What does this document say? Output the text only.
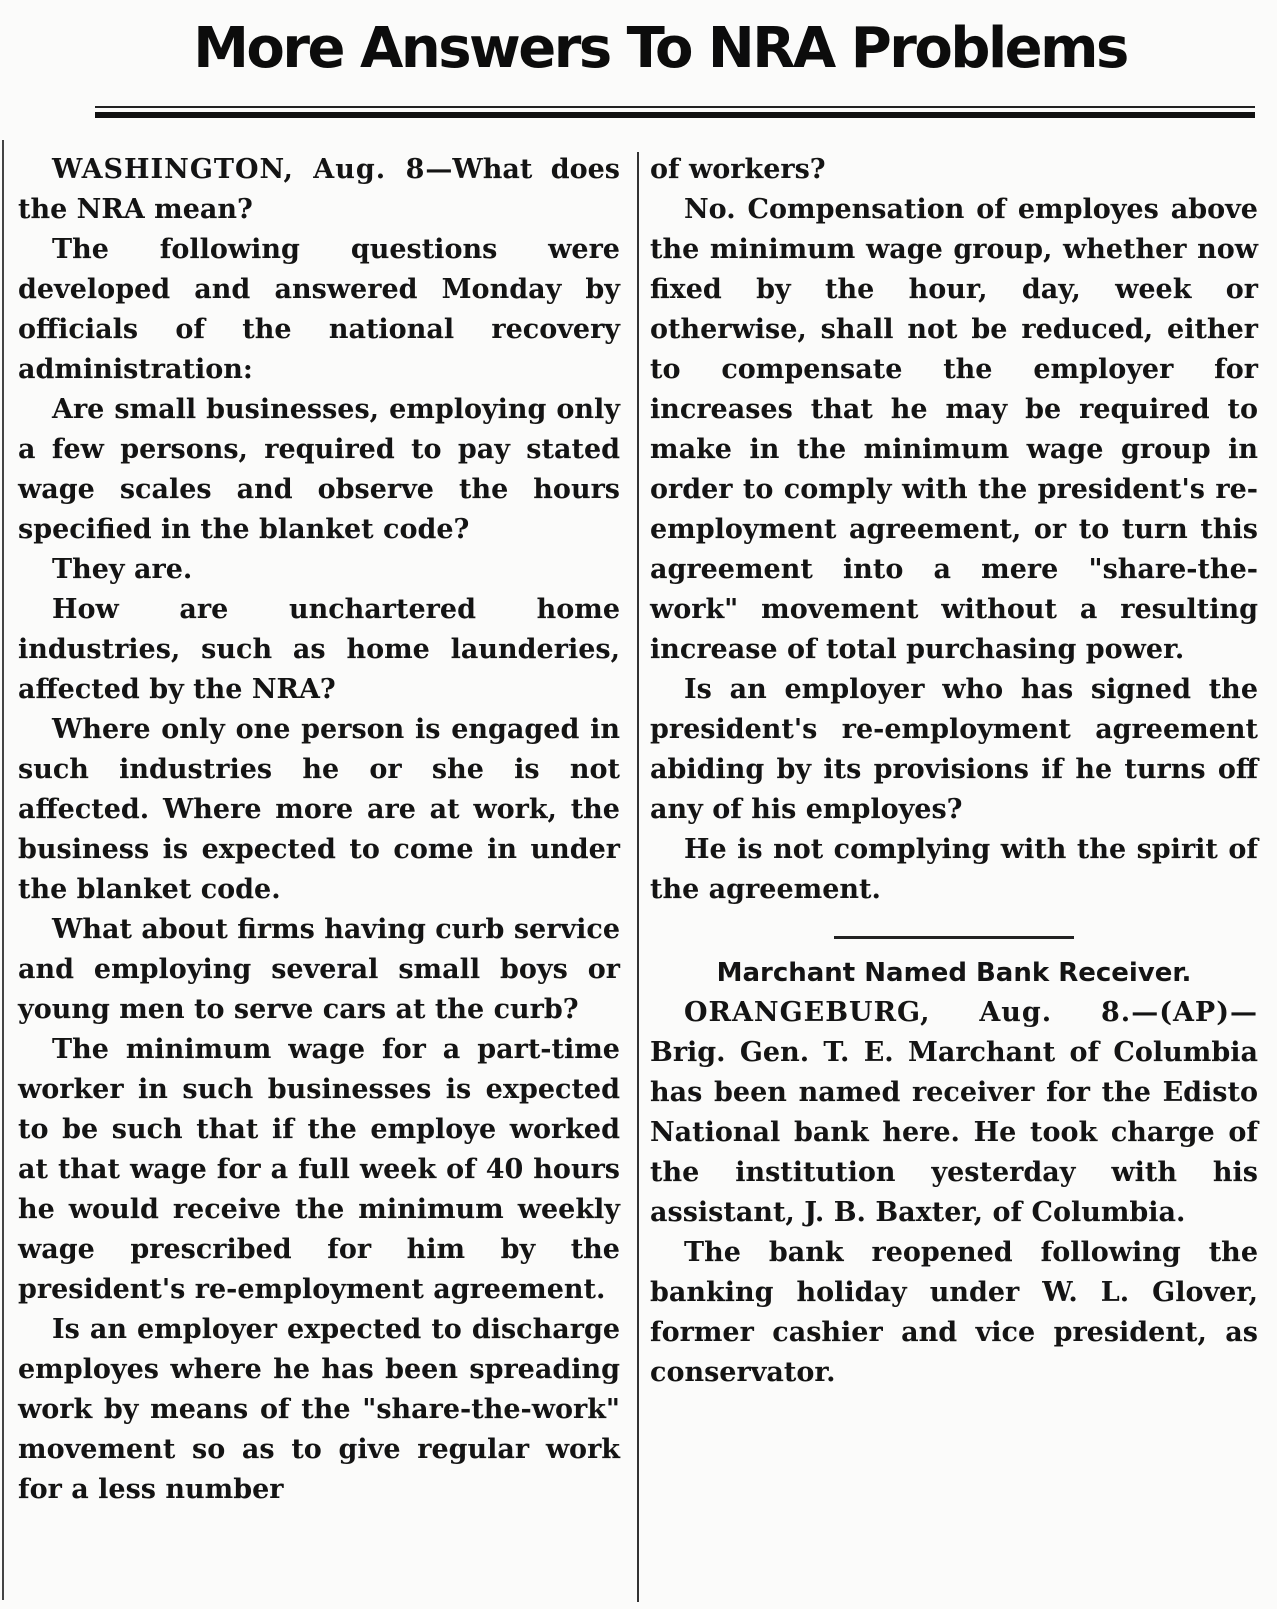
More Answers To NRA Problems

WASHINGTON, Aug. 8—What does the NRA mean?

The following questions were developed and answered Monday by officials of the national recovery administration:

Are small businesses, employing only a few persons, required to pay stated wage scales and observe the hours specified in the blanket code?

They are.

How are unchartered home industries, such as home launderies, affected by the NRA?

Where only one person is engaged in such industries he or she is not affected. Where more are at work, the business is expected to come in under the blanket code.

What about firms having curb service and employing several small boys or young men to serve cars at the curb?

The minimum wage for a part-time worker in such businesses is expected to be such that if the employe worked at that wage for a full week of 40 hours he would receive the minimum weekly wage prescribed for him by the president's re-employment agreement.

Is an employer expected to discharge employes where he has been spreading work by means of the "share-the-work" movement so as to give regular work for a less number

of workers?

No. Compensation of employes above the minimum wage group, whether now fixed by the hour, day, week or otherwise, shall not be reduced, either to compensate the employer for increases that he may be required to make in the minimum wage group in order to comply with the president's re-employment agreement, or to turn this agreement into a mere "share-the-work" movement without a resulting increase of total purchasing power.

Is an employer who has signed the president's re-employment agreement abiding by its provisions if he turns off any of his employes?

He is not complying with the spirit of the agreement.

Marchant Named Bank Receiver.

ORANGEBURG, Aug. 8.—(AP)— Brig. Gen. T. E. Marchant of Columbia has been named receiver for the Edisto National bank here. He took charge of the institution yesterday with his assistant, J. B. Baxter, of Columbia.

The bank reopened following the banking holiday under W. L. Glover, former cashier and vice president, as conservator.
